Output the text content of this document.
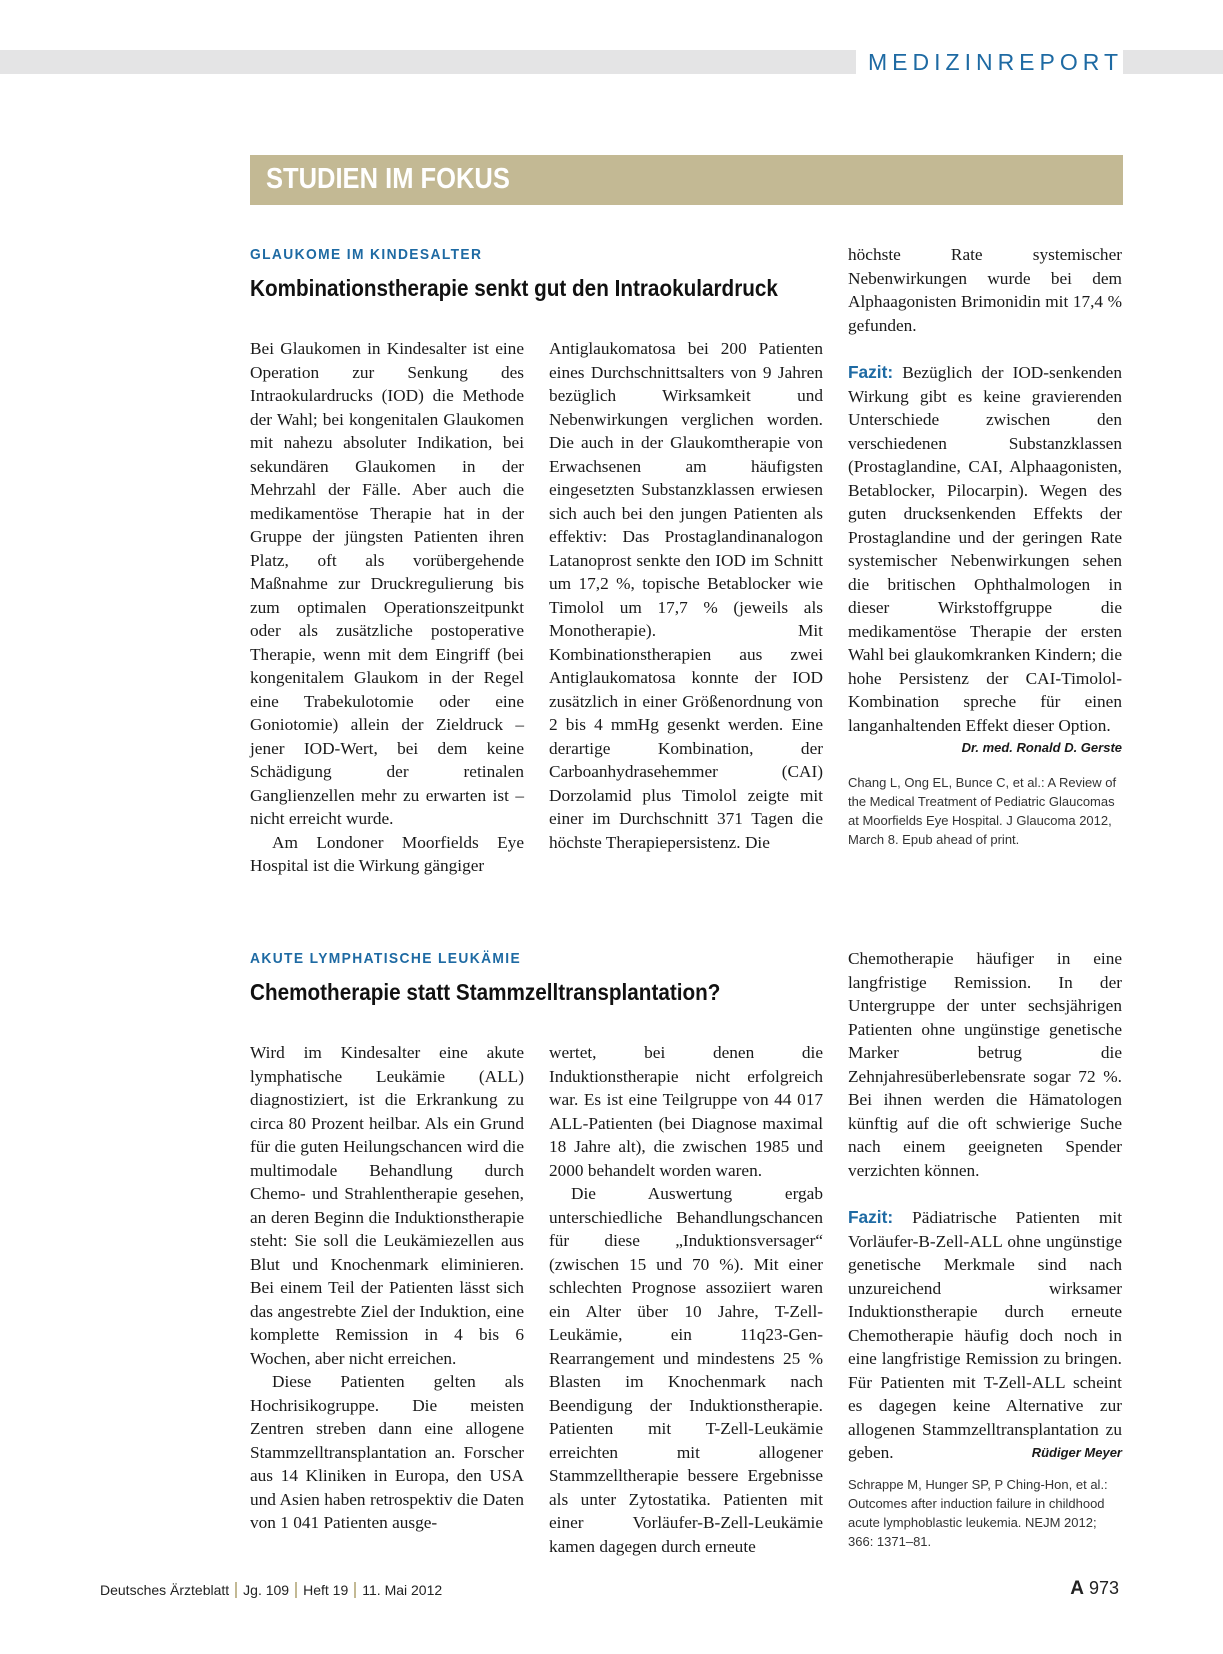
MEDIZINREPORT
STUDIEN IM FOKUS
GLAUKOME IM KINDESALTER
Kombinationstherapie senkt gut den Intraokulardruck

Bei Glaukomen in Kindesalter ist eine Operation zur Senkung des Intraokulardrucks (IOD) die Methode der Wahl; bei kongenitalen Glaukomen mit nahezu absoluter Indikation, bei sekundären Glaukomen in der Mehrzahl der Fälle. Aber auch die medikamentöse Therapie hat in der Gruppe der jüngsten Patienten ihren Platz, oft als vorübergehende Maßnahme zur Druckregulierung bis zum optimalen Operationszeitpunkt oder als zusätzliche postoperative Therapie, wenn mit dem Eingriff (bei kongenitalem Glaukom in der Regel eine Trabekulotomie oder eine Goniotomie) allein der Zieldruck – jener IOD-Wert, bei dem keine Schädigung der retinalen Ganglienzellen mehr zu erwarten ist – nicht erreicht wurde.

Am Londoner Moorfields Eye Hospital ist die Wirkung gängiger

Antiglaukomatosa bei 200 Patienten eines Durchschnittsalters von 9 Jahren bezüglich Wirksamkeit und Nebenwirkungen verglichen worden. Die auch in der Glaukomtherapie von Erwachsenen am häufigsten eingesetzten Substanzklassen erwiesen sich auch bei den jungen Patienten als effektiv: Das Prostaglandinanalogon Latanoprost senkte den IOD im Schnitt um 17,2 %, topische Betablocker wie Timolol um 17,7 % (jeweils als Monotherapie). Mit Kombinationstherapien aus zwei Antiglaukomatosa konnte der IOD zusätzlich in einer Größenordnung von 2 bis 4 mmHg gesenkt werden. Eine derartige Kombination, der Carboanhydrasehemmer (CAI) Dorzolamid plus Timolol zeigte mit einer im Durchschnitt 371 Tagen die höchste Therapiepersistenz. Die

höchste Rate systemischer Nebenwirkungen wurde bei dem Alphaagonisten Brimonidin mit 17,4 % gefunden.

Fazit: Bezüglich der IOD-senkenden Wirkung gibt es keine gravierenden Unterschiede zwischen den verschiedenen Substanzklassen (Prostaglandine, CAI, Alphaagonisten, Betablocker, Pilocarpin). Wegen des guten drucksenkenden Effekts der Prostaglandine und der geringen Rate systemischer Nebenwirkungen sehen die britischen Ophthalmologen in dieser Wirkstoffgruppe die medikamentöse Therapie der ersten Wahl bei glaukomkranken Kindern; die hohe Persistenz der CAI-Timolol-Kombination spreche für einen langanhaltenden Effekt dieser Option.

Dr. med. Ronald D. Gerste

Chang L, Ong EL, Bunce C, et al.: A Review of the Medical Treatment of Pediatric Glaucomas at Moorfields Eye Hospital. J Glaucoma 2012, March 8. Epub ahead of print.

AKUTE LYMPHATISCHE LEUKÄMIE
Chemotherapie statt Stammzelltransplantation?

Wird im Kindesalter eine akute lymphatische Leukämie (ALL) diagnostiziert, ist die Erkrankung zu circa 80 Prozent heilbar. Als ein Grund für die guten Heilungschancen wird die multimodale Behandlung durch Chemo- und Strahlentherapie gesehen, an deren Beginn die Induktionstherapie steht: Sie soll die Leukämiezellen aus Blut und Knochenmark eliminieren. Bei einem Teil der Patienten lässt sich das angestrebte Ziel der Induktion, eine komplette Remission in 4 bis 6 Wochen, aber nicht erreichen.

Diese Patienten gelten als Hochrisikogruppe. Die meisten Zentren streben dann eine allogene Stammzelltransplantation an. Forscher aus 14 Kliniken in Europa, den USA und Asien haben retrospektiv die Daten von 1 041 Patienten ausge-

wertet, bei denen die Induktionstherapie nicht erfolgreich war. Es ist eine Teilgruppe von 44 017 ALL-Patienten (bei Diagnose maximal 18 Jahre alt), die zwischen 1985 und 2000 behandelt worden waren.

Die Auswertung ergab unterschiedliche Behandlungschancen für diese „Induktionsversager“ (zwischen 15 und 70 %). Mit einer schlechten Prognose assoziiert waren ein Alter über 10 Jahre, T-Zell-Leukämie, ein 11q23-Gen-Rearrangement und mindestens 25 % Blasten im Knochenmark nach Beendigung der Induktionstherapie. Patienten mit T-Zell-Leukämie erreichten mit allogener Stammzelltherapie bessere Ergebnisse als unter Zytostatika. Patienten mit einer Vorläufer-B-Zell-Leukämie kamen dagegen durch erneute

Chemotherapie häufiger in eine langfristige Remission. In der Untergruppe der unter sechsjährigen Patienten ohne ungünstige genetische Marker betrug die Zehnjahresüberlebensrate sogar 72 %. Bei ihnen werden die Hämatologen künftig auf die oft schwierige Suche nach einem geeigneten Spender verzichten können.

Fazit: Pädiatrische Patienten mit Vorläufer-B-Zell-ALL ohne ungünstige genetische Merkmale sind nach unzureichend wirksamer Induktionstherapie durch erneute Chemotherapie häufig doch noch in eine langfristige Remission zu bringen. Für Patienten mit T-Zell-ALL scheint es dagegen keine Alternative zur allogenen Stammzelltransplantation zu geben.	Rüdiger Meyer

Schrappe M, Hunger SP, P Ching-Hon, et al.: Outcomes after induction failure in childhood acute lymphoblastic leukemia. NEJM 2012; 366: 1371–81.

Deutsches Ärzteblatt Jg. 109 Heft 19 11. Mai 2012	A 973
